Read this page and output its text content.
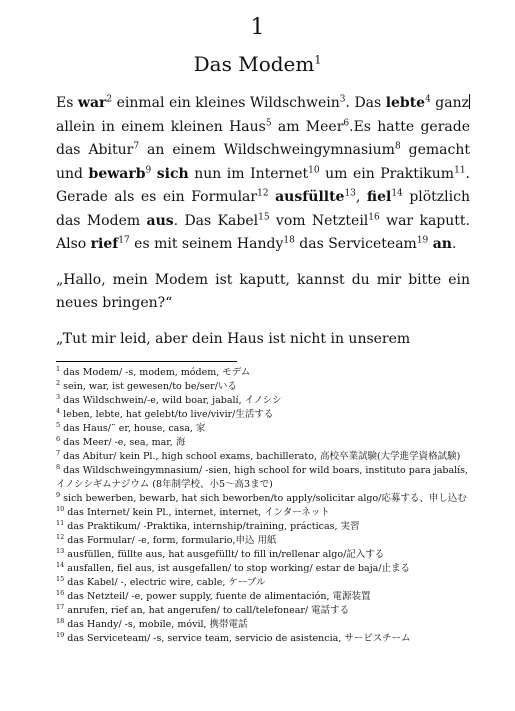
1
Das Modem$^1$

Es war$^2$ einmal ein kleines Wildschwein$^3$. Das lebte$^4$ ganz allein in einem kleinen Haus$^5$ am Meer$^6$.Es hatte gerade das Abitur$^7$ an einem Wildschweingymnasium$^8$ gemacht und bewarb$^9$ sich nun im Internet$^{10}$ um ein Praktikum$^{11}$. Gerade als es ein Formular$^{12}$ ausfüllte$^{13}$, fiel$^{14}$ plötzlich das Modem aus. Das Kabel$^{15}$ vom Netzteil$^{16}$ war kaputt. Also rief$^{17}$ es mit seinem Handy$^{18}$ das Serviceteam$^{19}$ an.

„Hallo, mein Modem ist kaputt, kannst du mir bitte ein neues bringen?“

„Tut mir leid, aber dein Haus ist nicht in unserem

$^1$ das Modem/ -s, modem, módem, モデム
$^2$ sein, war, ist gewesen/to be/ser/いる
$^3$ das Wildschwein/-e, wild boar, jabalí, イノシシ
$^4$ leben, lebte, hat gelebt/to live/vivir/生活する
$^5$ das Haus/¨ er, house, casa, 家
$^6$ das Meer/ -e, sea, mar, 海
$^7$ das Abitur/ kein Pl., high school exams, bachillerato, 高校卒業試験(大学進学資格試験)
$^8$ das Wildschweingymnasium/ -sien, high school for wild boars, instituto para jabalís, イノシシギムナジウム (8年制学校、小5〜高3まで)
$^9$ sich bewerben, bewarb, hat sich beworben/to apply/solicitar algo/応募する、申し込む
$^{10}$ das Internet/ kein Pl., internet, internet, インターネット
$^{11}$ das Praktikum/ -Praktika, internship/training, prácticas, 実習
$^{12}$ das Formular/ -e, form, formulario,申込 用紙
$^{13}$ ausfüllen, füllte aus, hat ausgefüllt/ to fill in/rellenar algo/記入する
$^{14}$ ausfallen, fiel aus, ist ausgefallen/ to stop working/ estar de baja/止まる
$^{15}$ das Kabel/ -, electric wire, cable, ケーブル
$^{16}$ das Netzteil/ -e, power supply, fuente de alimentación, 電源装置
$^{17}$ anrufen, rief an, hat angerufen/ to call/telefonear/ 電話する
$^{18}$ das Handy/ -s, mobile, móvil, 携帯電話
$^{19}$ das Serviceteam/ -s, service team, servicio de asistencia, サービスチーム
